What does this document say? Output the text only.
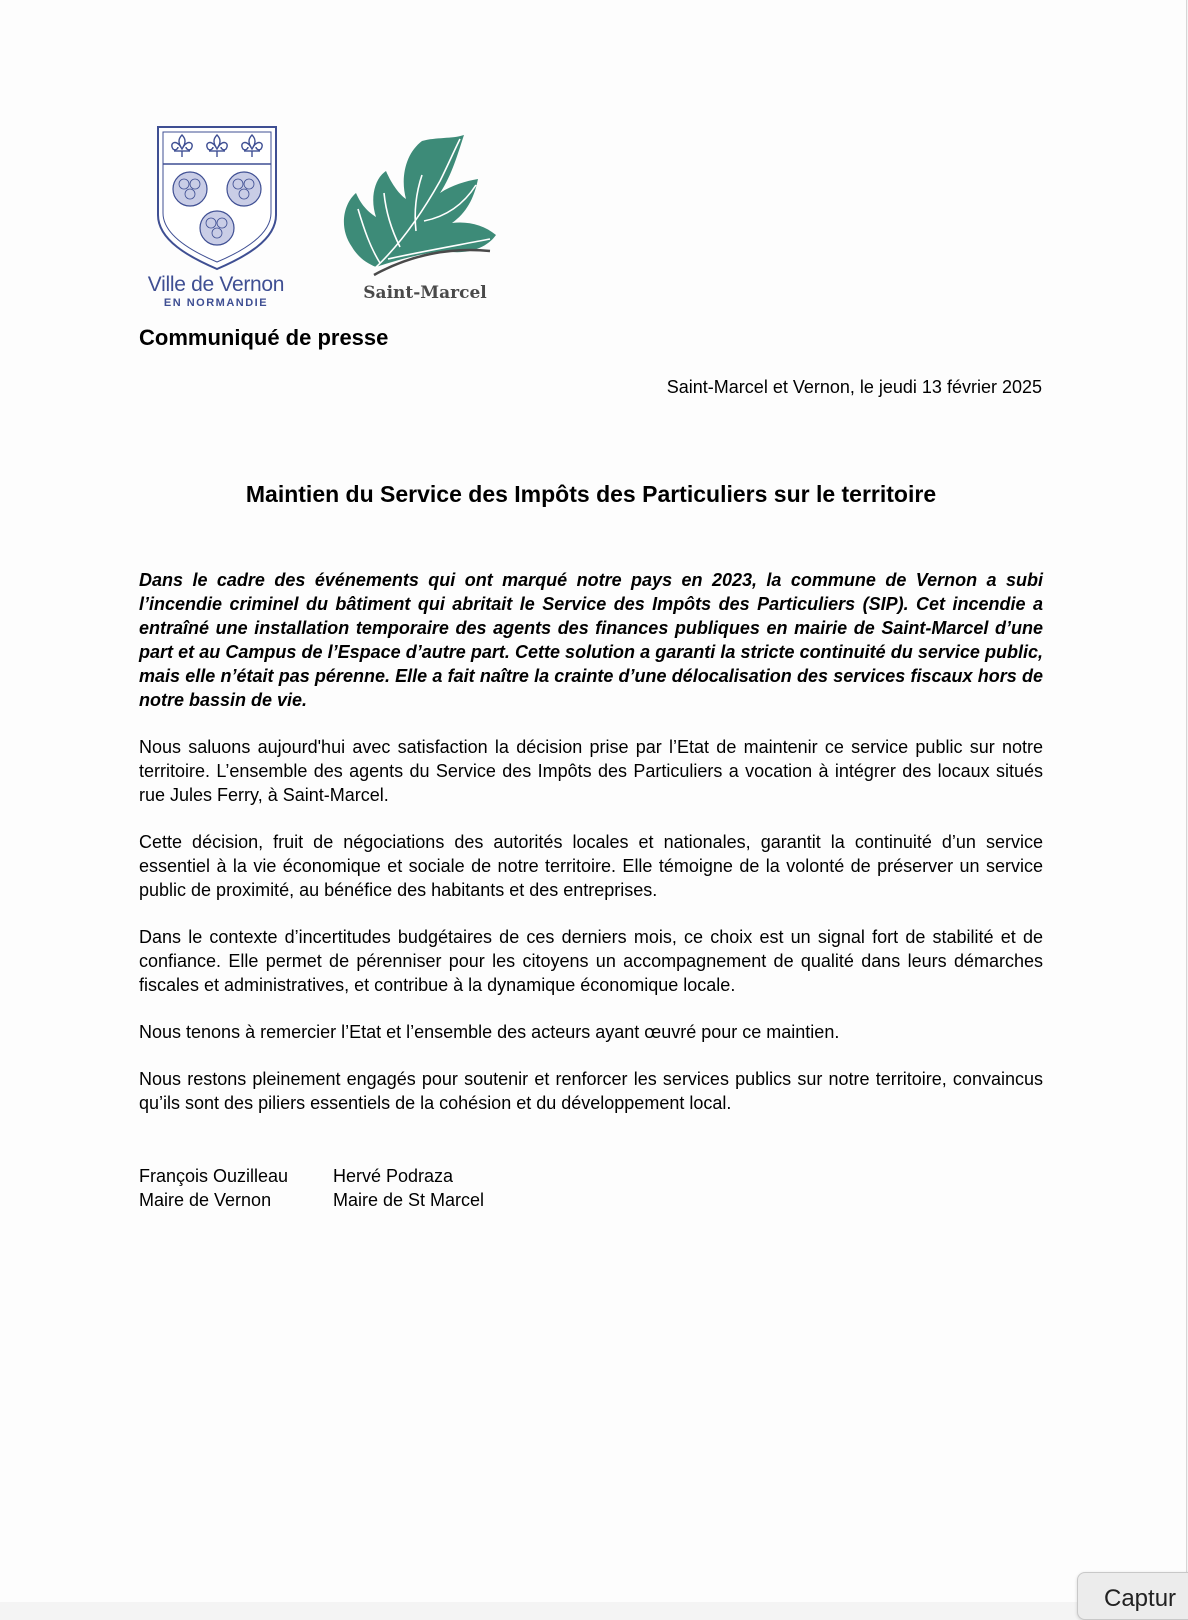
Ville de Vernon
EN NORMANDIE	Saint-Marcel
Communiqué de presse
Saint-Marcel et Vernon, le jeudi 13 février 2025
Maintien du Service des Impôts des Particuliers sur le territoire

Dans le cadre des événements qui ont marqué notre pays en 2023, la commune de Vernon a subi l’incendie criminel du bâtiment qui abritait le Service des Impôts des Particuliers (SIP). Cet incendie a entraîné une installation temporaire des agents des finances publiques en mairie de Saint-Marcel d’une part et au Campus de l’Espace d’autre part. Cette solution a garanti la stricte continuité du service public, mais elle n’était pas pérenne. Elle a fait naître la crainte d’une délocalisation des services fiscaux hors de notre bassin de vie.

Nous saluons aujourd'hui avec satisfaction la décision prise par l’Etat de maintenir ce service public sur notre territoire. L’ensemble des agents du Service des Impôts des Particuliers a vocation à intégrer des locaux situés rue Jules Ferry, à Saint-Marcel.

Cette décision, fruit de négociations des autorités locales et nationales, garantit la continuité d’un service essentiel à la vie économique et sociale de notre territoire. Elle témoigne de la volonté de préserver un service public de proximité, au bénéfice des habitants et des entreprises.

Dans le contexte d’incertitudes budgétaires de ces derniers mois, ce choix est un signal fort de stabilité et de confiance. Elle permet de pérenniser pour les citoyens un accompagnement de qualité dans leurs démarches fiscales et administratives, et contribue à la dynamique économique locale.

Nous tenons à remercier l’Etat et l’ensemble des acteurs ayant œuvré pour ce maintien.

Nous restons pleinement engagés pour soutenir et renforcer les services publics sur notre territoire, convaincus qu’ils sont des piliers essentiels de la cohésion et du développement local.

François Ouzilleau
Maire de Vernon
Hervé Podraza
Maire de St Marcel
Captur
